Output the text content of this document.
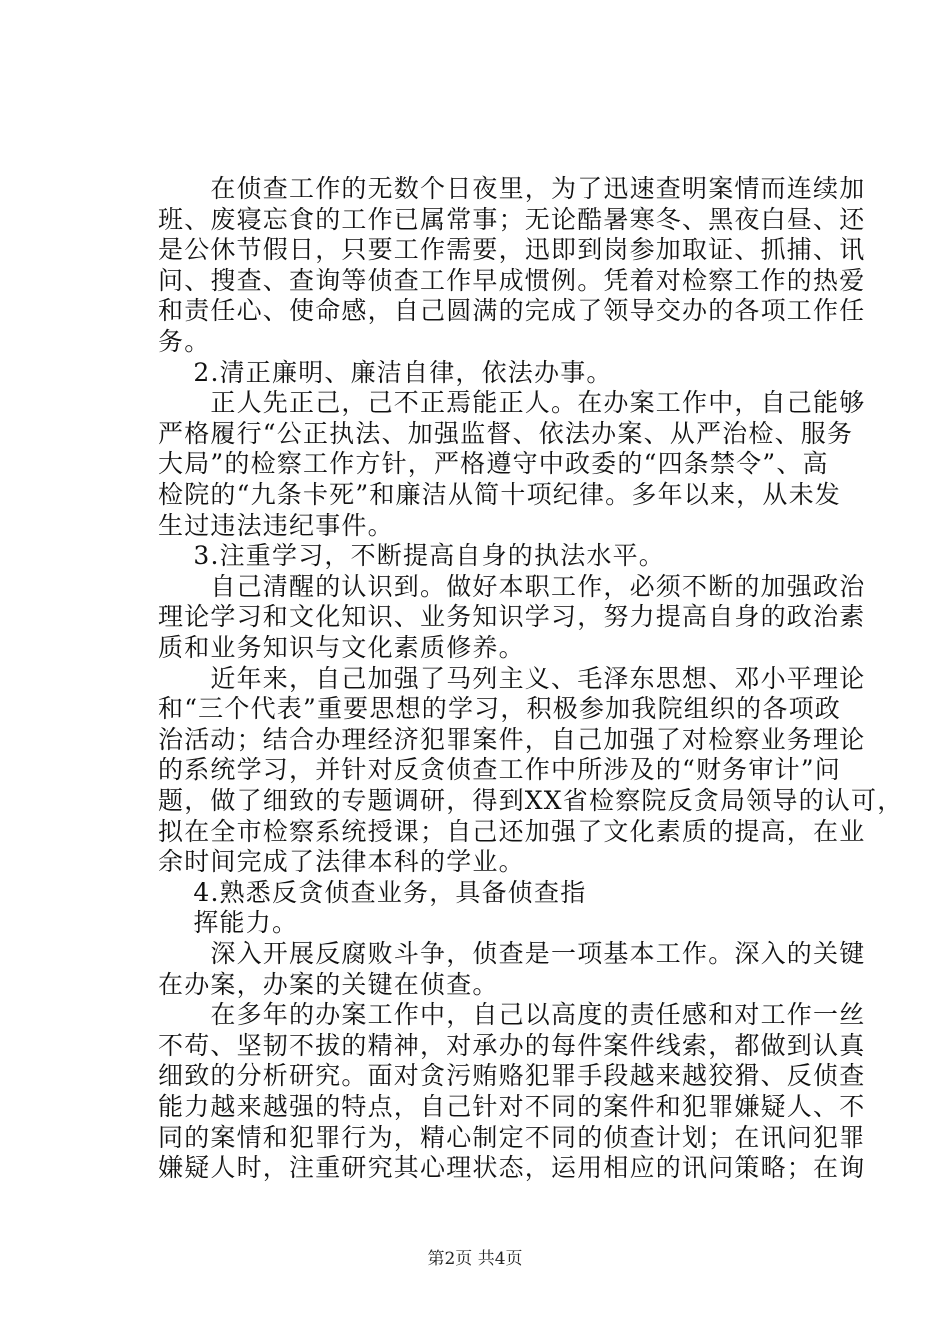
　　在侦查工作的无数个日夜里，为了迅速查明案情而连续加
班、废寝忘食的工作已属常事；无论酷暑寒冬、黑夜白昼、还
是公休节假日，只要工作需要，迅即到岗参加取证、抓捕、讯
问、搜查、查询等侦查工作早成惯例。凭着对检察工作的热爱
和责任心、使命感，自己圆满的完成了领导交办的各项工作任
务。
　 2.清正廉明、廉洁自律，依法办事。
　　正人先正己，己不正焉能正人。在办案工作中，自己能够
严格履行“公正执法、加强监督、依法办案、从严治检、服务
大局”的检察工作方针，严格遵守中政委的“四条禁令”、高
检院的“九条卡死”和廉洁从简十项纪律。多年以来，从未发
生过违法违纪事件。
　 3.注重学习，不断提高自身的执法水平。
　　自己清醒的认识到。做好本职工作，必须不断的加强政治
理论学习和文化知识、业务知识学习，努力提高自身的政治素
质和业务知识与文化素质修养。
　　近年来，自己加强了马列主义、毛泽东思想、邓小平理论
和“三个代表”重要思想的学习，积极参加我院组织的各项政
治活动；结合办理经济犯罪案件，自己加强了对检察业务理论
的系统学习，并针对反贪侦查工作中所涉及的“财务审计”问
题，做了细致的专题调研，得到XX省检察院反贪局领导的认可，
拟在全市检察系统授课；自己还加强了文化素质的提高，在业
余时间完成了法律本科的学业。
　 4.熟悉反贪侦查业务，具备侦查指
　 挥能力。
　　深入开展反腐败斗争，侦查是一项基本工作。深入的关键
在办案，办案的关键在侦查。
　　在多年的办案工作中，自己以高度的责任感和对工作一丝
不苟、坚韧不拔的精神，对承办的每件案件线索，都做到认真
细致的分析研究。面对贪污贿赂犯罪手段越来越狡猾、反侦查
能力越来越强的特点，自己针对不同的案件和犯罪嫌疑人、不
同的案情和犯罪行为，精心制定不同的侦查计划；在讯问犯罪
嫌疑人时，注重研究其心理状态，运用相应的讯问策略；在询
第2页 共4页
